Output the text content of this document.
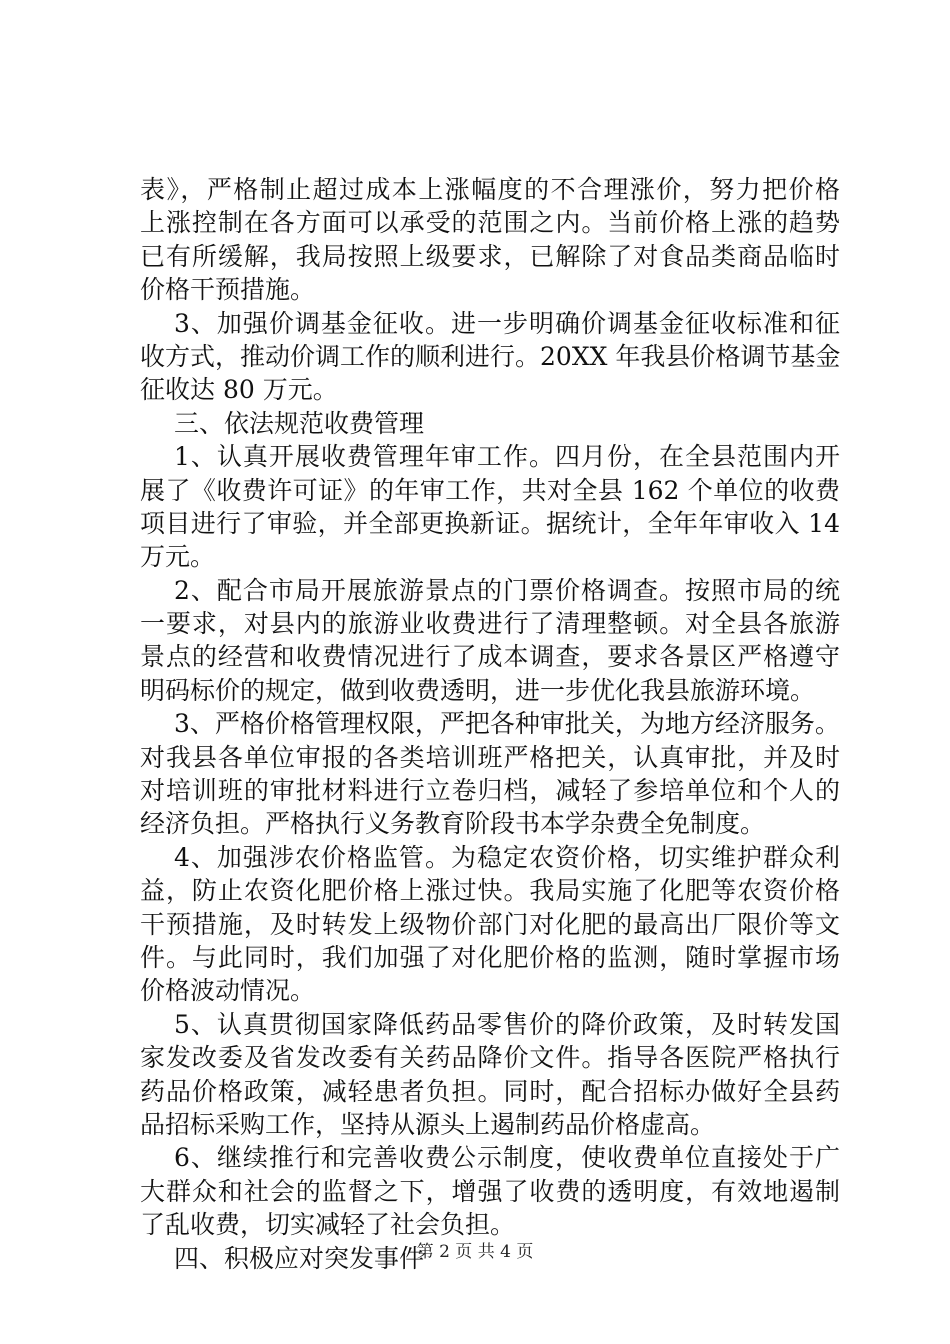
表》，严格制止超过成本上涨幅度的不合理涨价，努力把价格
上涨控制在各方面可以承受的范围之内。当前价格上涨的趋势
已有所缓解，我局按照上级要求，已解除了对食品类商品临时
价格干预措施。
3、加强价调基金征收。进一步明确价调基金征收标准和征
收方式，推动价调工作的顺利进行。20XX 年我县价格调节基金
征收达 80 万元。
三、依法规范收费管理
1、认真开展收费管理年审工作。四月份，在全县范围内开
展了《收费许可证》的年审工作，共对全县 162 个单位的收费
项目进行了审验，并全部更换新证。据统计，全年年审收入 14
万元。
2、配合市局开展旅游景点的门票价格调查。按照市局的统
一要求，对县内的旅游业收费进行了清理整顿。对全县各旅游
景点的经营和收费情况进行了成本调查，要求各景区严格遵守
明码标价的规定，做到收费透明，进一步优化我县旅游环境。
3、严格价格管理权限，严把各种审批关，为地方经济服务。
对我县各单位审报的各类培训班严格把关，认真审批，并及时
对培训班的审批材料进行立卷归档，减轻了参培单位和个人的
经济负担。严格执行义务教育阶段书本学杂费全免制度。
4、加强涉农价格监管。为稳定农资价格，切实维护群众利
益，防止农资化肥价格上涨过快。我局实施了化肥等农资价格
干预措施，及时转发上级物价部门对化肥的最高出厂限价等文
件。与此同时，我们加强了对化肥价格的监测，随时掌握市场
价格波动情况。
5、认真贯彻国家降低药品零售价的降价政策，及时转发国
家发改委及省发改委有关药品降价文件。指导各医院严格执行
药品价格政策，减轻患者负担。同时，配合招标办做好全县药
品招标采购工作，坚持从源头上遏制药品价格虚高。
6、继续推行和完善收费公示制度，使收费单位直接处于广
大群众和社会的监督之下，增强了收费的透明度，有效地遏制
了乱收费，切实减轻了社会负担。
四、积极应对突发事件
第 2 页 共 4 页
